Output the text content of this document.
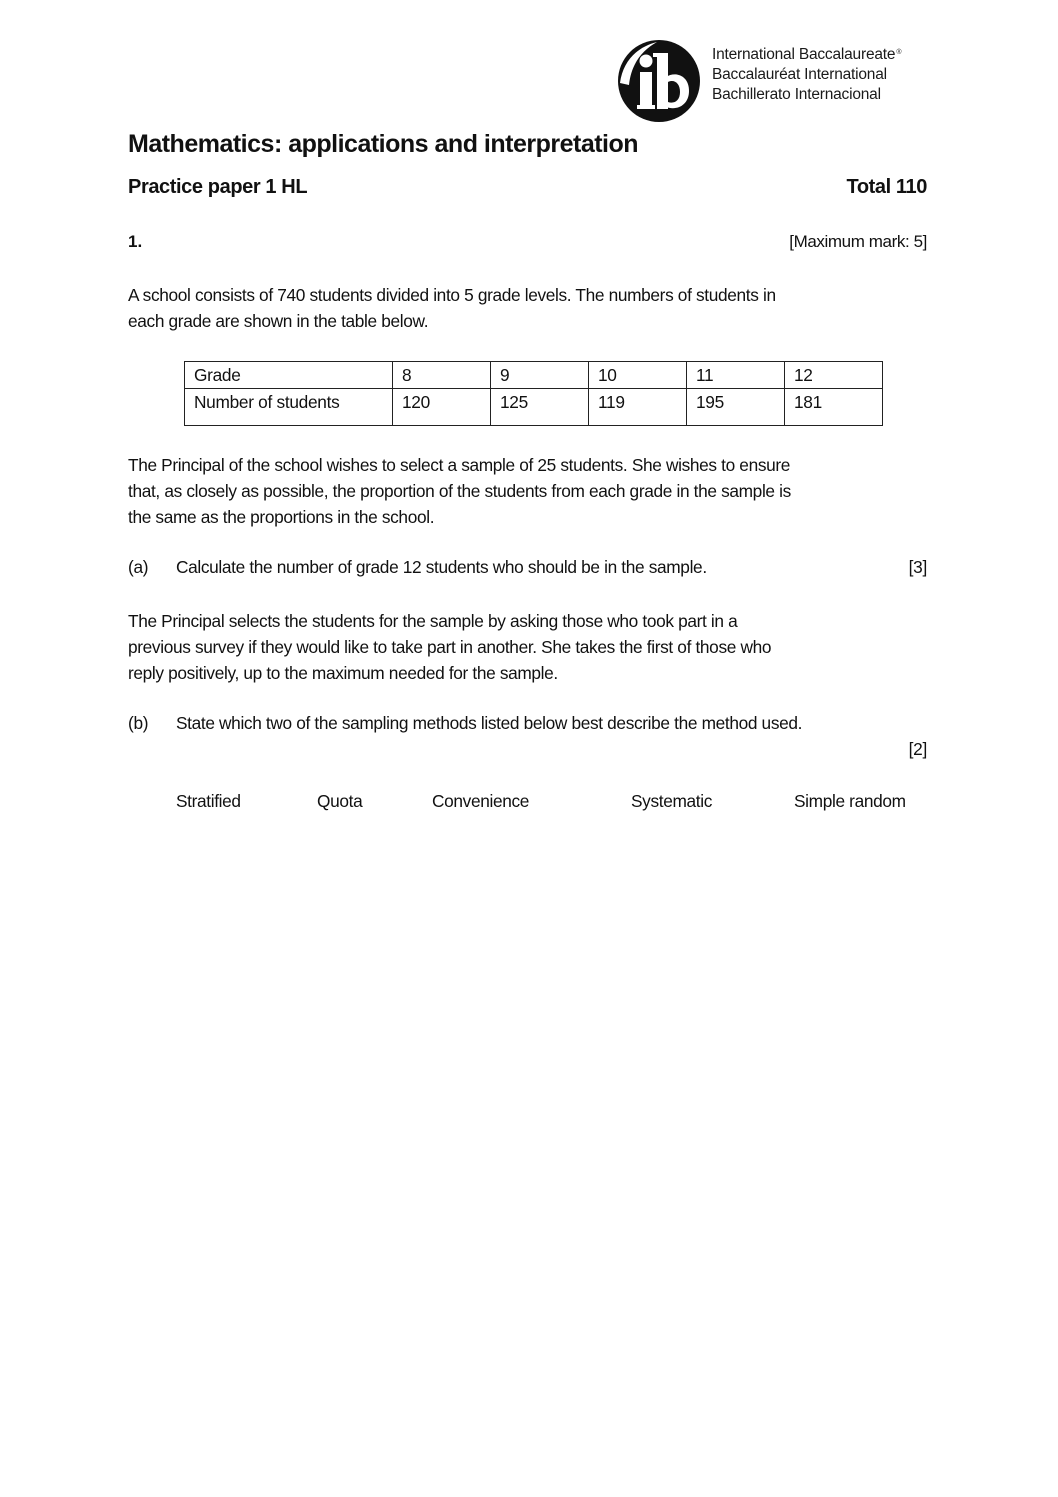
International Baccalaureate®
Baccalauréat International
Bachillerato Internacional
Mathematics: applications and interpretation
Practice paper 1 HL	Total 110
1.	[Maximum mark: 5]
A school consists of 740 students divided into 5 grade levels. The numbers of students in
each grade are shown in the table below.
Grade	8	9	10	11	12
Number of students	120	125	119	195	181
The Principal of the school wishes to select a sample of 25 students. She wishes to ensure
that, as closely as possible, the proportion of the students from each grade in the sample is
the same as the proportions in the school.
(a) Calculate the number of grade 12 students who should be in the sample.	[3]
The Principal selects the students for the sample by asking those who took part in a
previous survey if they would like to take part in another. She takes the first of those who
reply positively, up to the maximum needed for the sample.
(b) State which two of the sampling methods listed below best describe the method used.
[2]
Stratified	Quota	Convenience	Systematic	Simple random
